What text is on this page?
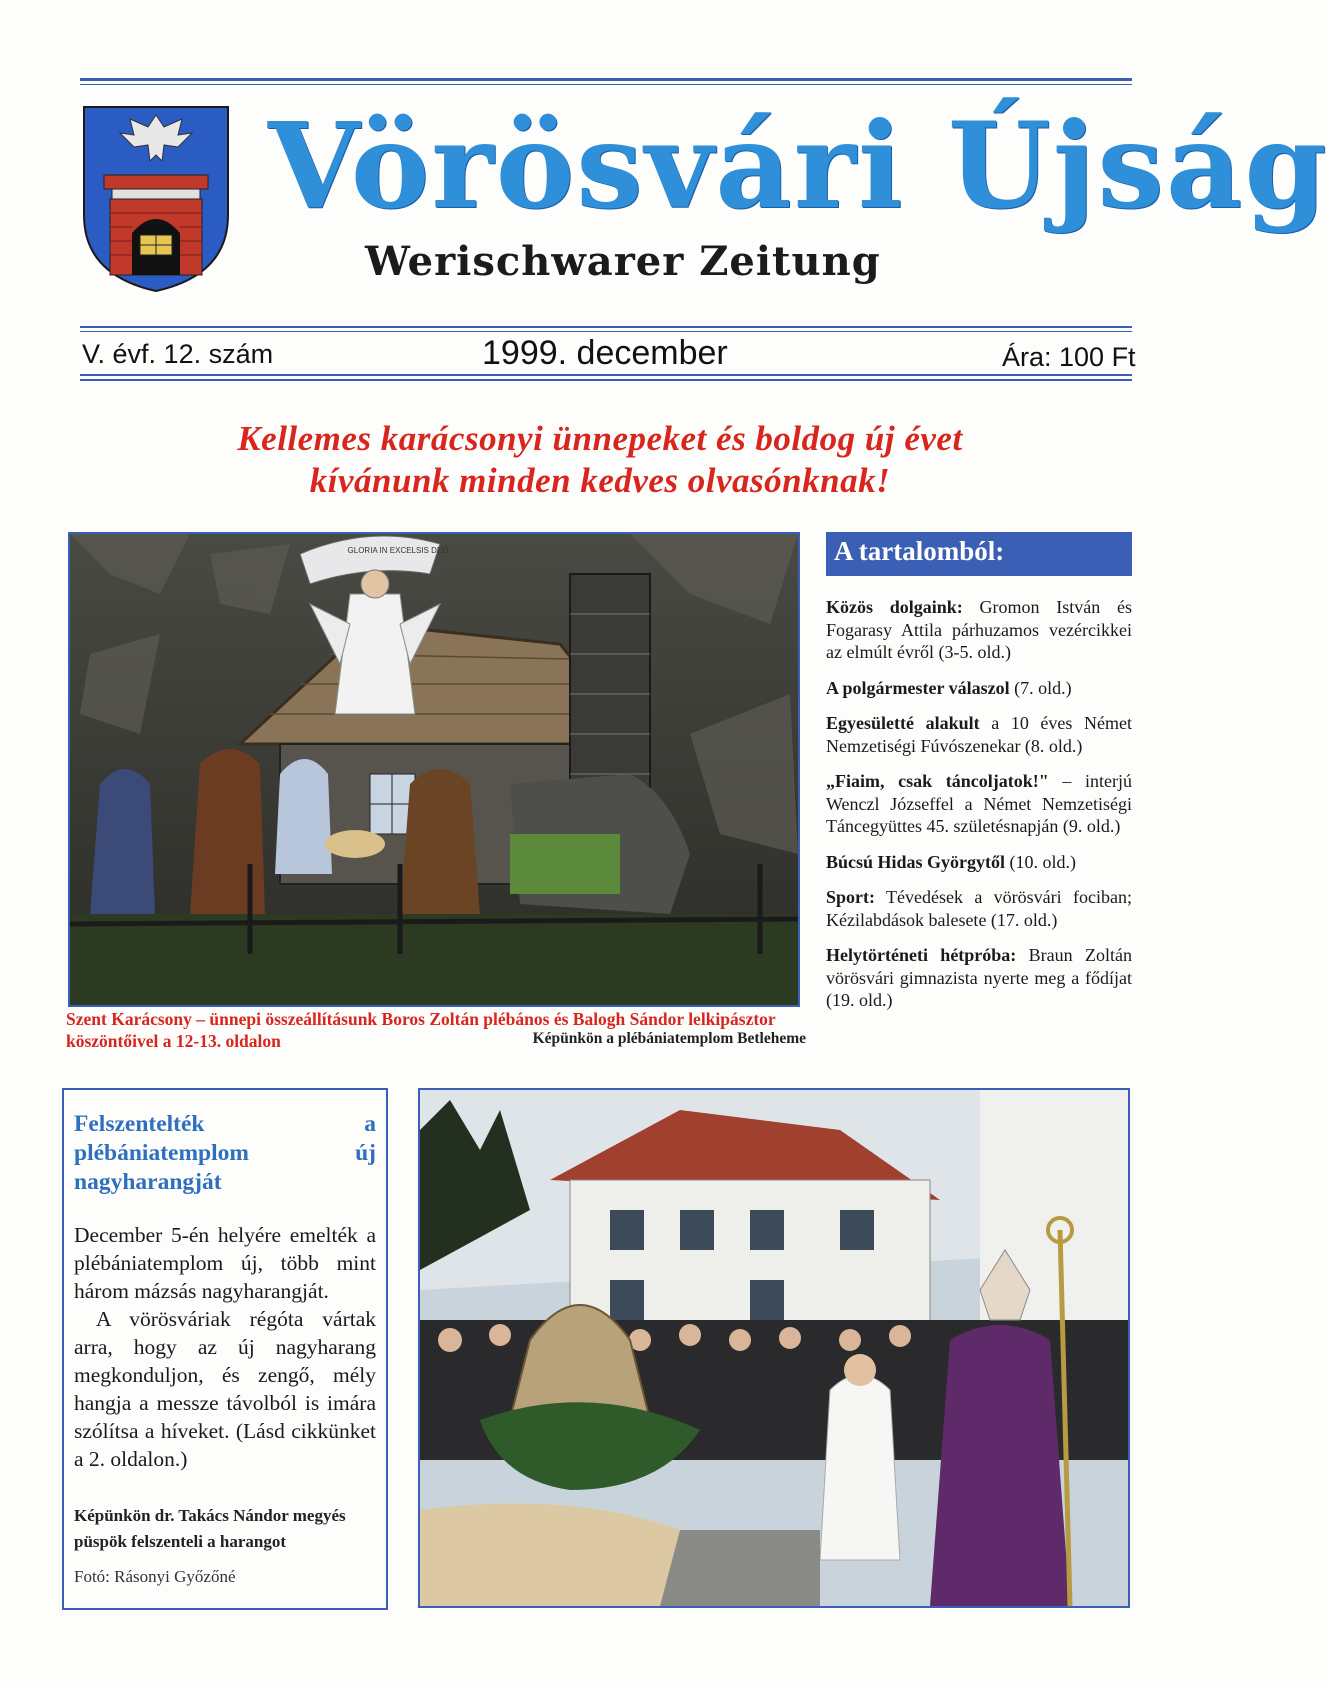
Vörösvári Újság
Werischwarer Zeitung
V. évf. 12. szám	1999. december	Ára: 100 Ft
Kellemes karácsonyi ünnepeket és boldog új évet
kívánunk minden kedves olvasónknak!
GLORIA IN EXCELSIS DEO
Szent Karácsony – ünnepi összeállításunk Boros Zoltán plébános és Balogh Sándor lelkipásztor köszöntőivel a 12-13. oldalon	Képünkön a plébániatemplom Betleheme
A tartalomból:
Közös dolgaink: Gromon István és Fogarasy Attila párhuzamos vezércikkei az elmúlt évről (3-5. old.)
A polgármester válaszol (7. old.)
Egyesületté alakult a 10 éves Német Nemzetiségi Fúvószenekar (8. old.)
„Fiaim, csak táncoljatok!" – interjú Wenczl Józseffel a Német Nemzetiségi Táncegyüttes 45. születésnapján (9. old.)
Búcsú Hidas Györgytől (10. old.)
Sport: Tévedések a vörösvári fociban; Kézilabdások balesete (17. old.)
Helytörténeti hétpróba: Braun Zoltán vörösvári gimnazista nyerte meg a fődíjat (19. old.)
Felszentelték a plébániatemplom új nagyharangját

December 5-én helyére emelték a plébániatemplom új, több mint három mázsás nagyharangját.

A vörösváriak régóta vártak arra, hogy az új nagyharang megkonduljon, és zengő, mély hangja a messze távolból is imára szólítsa a híveket. (Lásd cikkünket a 2. oldalon.)

Képünkön dr. Takács Nándor megyés püspök felszenteli a harangot
Fotó: Rásonyi Győzőné
